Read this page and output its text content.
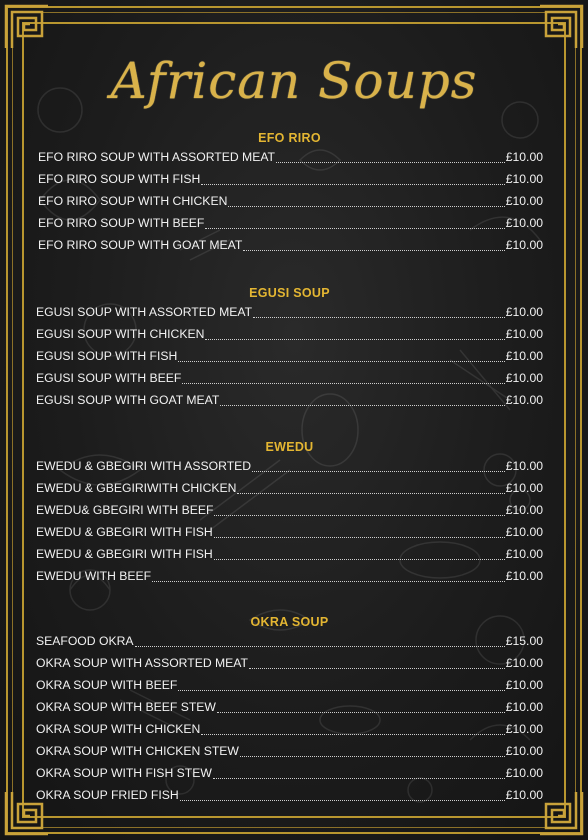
African Soups
EFO RIRO
EFO RIRO SOUP WITH ASSORTED MEAT	£10.00
EFO RIRO SOUP WITH FISH	£10.00
EFO RIRO SOUP WITH CHICKEN	£10.00
EFO RIRO SOUP WITH BEEF	£10.00
EFO RIRO SOUP WITH GOAT MEAT	£10.00
EGUSI SOUP
EGUSI SOUP WITH ASSORTED MEAT	£10.00
EGUSI SOUP WITH CHICKEN	£10.00
EGUSI SOUP WITH FISH	£10.00
EGUSI SOUP WITH BEEF	£10.00
EGUSI SOUP WITH GOAT MEAT	£10.00
EWEDU
EWEDU & GBEGIRI WITH ASSORTED	£10.00
EWEDU & GBEGIRIWITH CHICKEN	£10.00
EWEDU& GBEGIRI WITH BEEF	£10.00
EWEDU & GBEGIRI WITH FISH	£10.00
EWEDU & GBEGIRI WITH FISH	£10.00
EWEDU WITH BEEF	£10.00
OKRA SOUP
SEAFOOD OKRA	£15.00
OKRA SOUP WITH ASSORTED MEAT	£10.00
OKRA SOUP WITH BEEF	£10.00
OKRA SOUP WITH BEEF STEW	£10.00
OKRA SOUP WITH CHICKEN	£10.00
OKRA SOUP WITH CHICKEN STEW	£10.00
OKRA SOUP WITH FISH STEW	£10.00
OKRA SOUP FRIED FISH	£10.00
